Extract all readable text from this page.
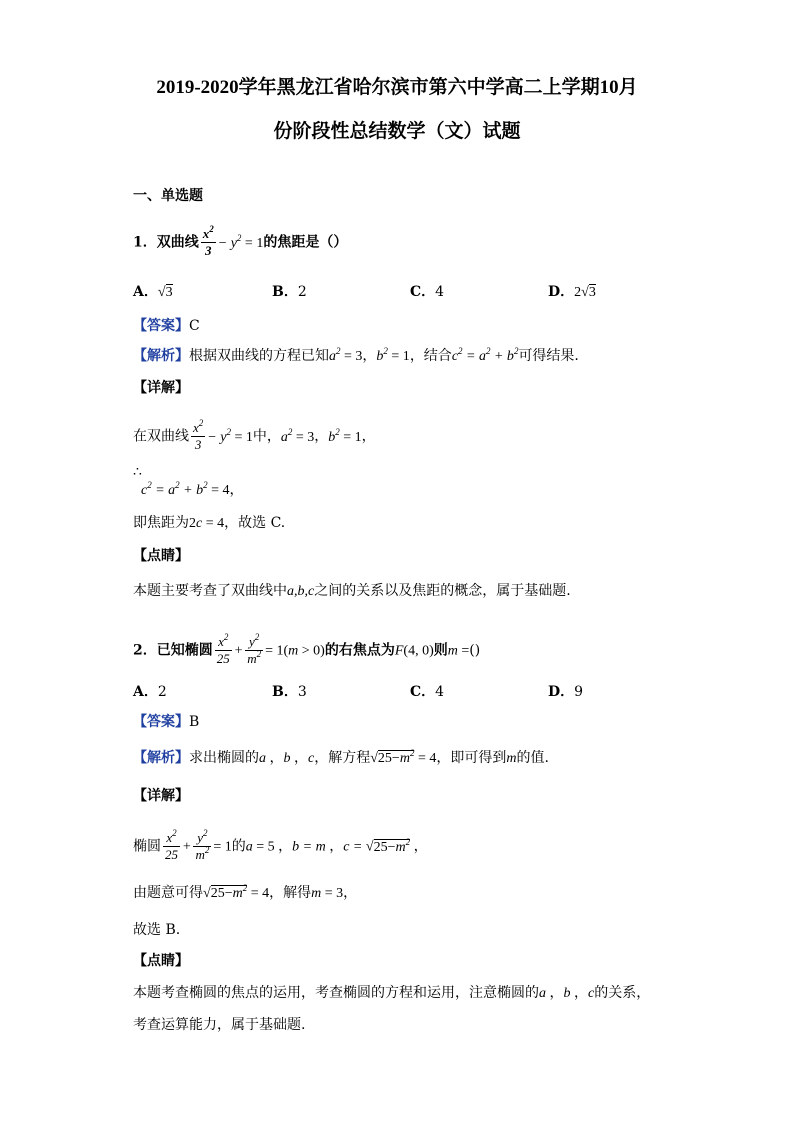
2019-2020学年黑龙江省哈尔滨市第六中学高二上学期10月
份阶段性总结数学（文）试题
一、单选题
1．双曲线 $\frac{x^2}{3} - y^2 = 1$的焦距是（）
A．√3	B．2	C．4	D．2√3
【答案】C
【解析】根据双曲线的方程已知$a^2 = 3$，$b^2 = 1$，结合$c^2 = a^2 + b^2$可得结果.
【详解】
在双曲线 $\frac{x^2}{3} - y^2 = 1$中，$a^2 = 3$，$b^2 = 1$，
∴
$c^2 = a^2 + b^2 = 4$，
即焦距为2c = 4，故选 C.
【点睛】
本题主要考查了双曲线中a,b,c之间的关系以及焦距的概念，属于基础题.
2．已知椭圆 $\frac{x^2}{25} + \frac{y^2}{m^2} = 1(m > 0)$的右焦点为F(4, 0)则m =()
A．2	B．3	C．4	D．9
【答案】B
【解析】求出椭圆的a ，b ，c，解方程$√25-m^2 = 4$，即可得到m的值.
【详解】
椭圆 $\frac{x^2}{25} + \frac{y^2}{m^2} = 1$的a = 5 ，b = m ，$c = √25-m^2$ ，
由题意可得$√25-m^2 = 4$，解得m = 3，
故选 B.
【点睛】
本题考查椭圆的焦点的运用，考查椭圆的方程和运用，注意椭圆的a ，b ，c的关系，
考查运算能力，属于基础题.
